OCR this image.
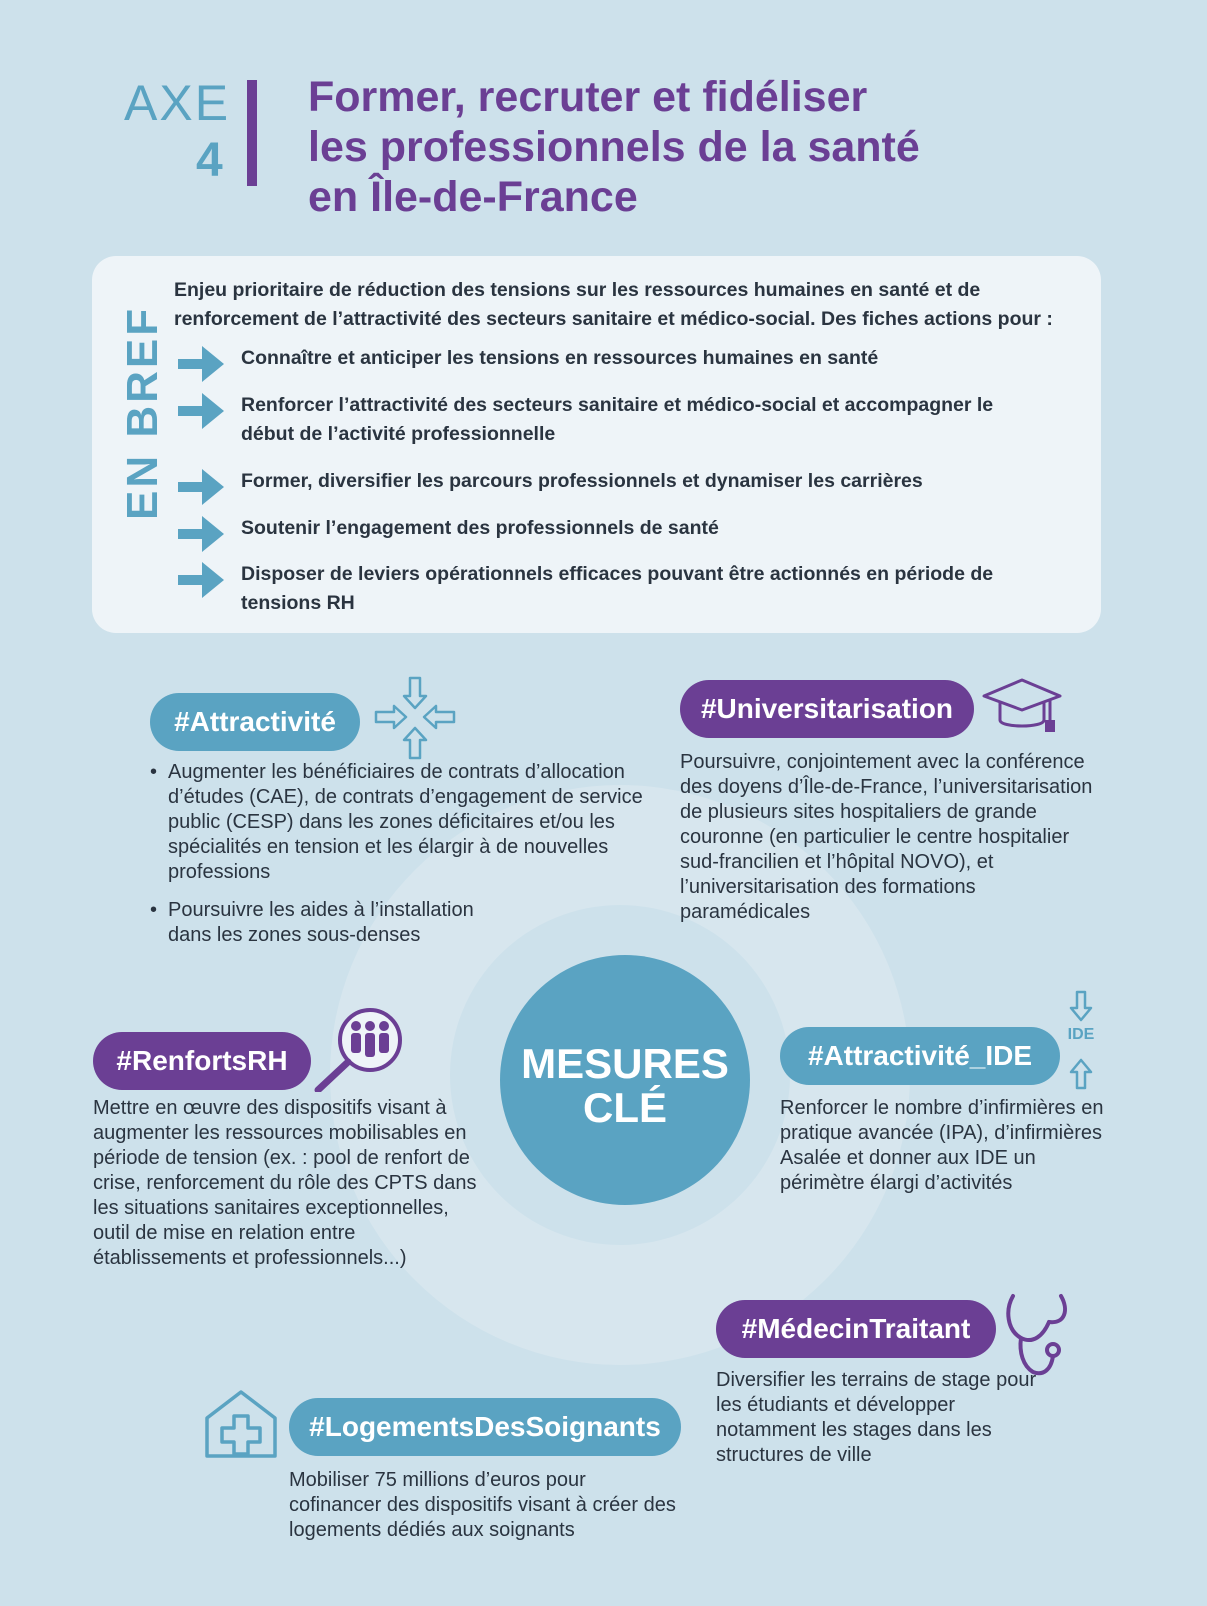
AXE
4
Former, recruter et fidéliser
les professionnels de la santé
en Île-de-France
EN BREF
Enjeu prioritaire de réduction des tensions sur les ressources humaines en santé et de renforcement de l’attractivité des secteurs sanitaire et médico-social. Des fiches actions pour :
Connaître et anticiper les tensions en ressources humaines en santé
Renforcer l’attractivité des secteurs sanitaire et médico-social et accompagner le début de l’activité professionnelle
Former, diversifier les parcours professionnels et dynamiser les carrières
Soutenir l’engagement des professionnels de santé
Disposer de leviers opérationnels efficaces pouvant être actionnés en période de tensions RH
MESURES
CLÉ
#Attractivité
• Augmenter les bénéficiaires de contrats d’allocation d’études (CAE), de contrats d’engagement de service public (CESP) dans les zones déficitaires et/ou les spécialités en tension et les élargir à de nouvelles professions
• Poursuivre les aides à l’installation dans les zones sous-denses
#Universitarisation
Poursuivre, conjointement avec la conférence des doyens d’Île-de-France, l’universitarisation de plusieurs sites hospitaliers de grande couronne (en particulier le centre hospitalier sud-francilien et l’hôpital NOVO), et l’universitarisation des formations paramédicales
#RenfortsRH
Mettre en œuvre des dispositifs visant à augmenter les ressources mobilisables en période de tension (ex. : pool de renfort de crise, renforcement du rôle des CPTS dans les situations sanitaires exceptionnelles, outil de mise en relation entre établissements et professionnels...)
#Attractivité_IDE
IDE
Renforcer le nombre d’infirmières en pratique avancée (IPA), d’infirmières Asalée et donner aux IDE un périmètre élargi d’activités
#MédecinTraitant
Diversifier les terrains de stage pour les étudiants et développer notamment les stages dans les structures de ville
#LogementsDesSoignants
Mobiliser 75 millions d’euros pour cofinancer des dispositifs visant à créer des logements dédiés aux soignants
